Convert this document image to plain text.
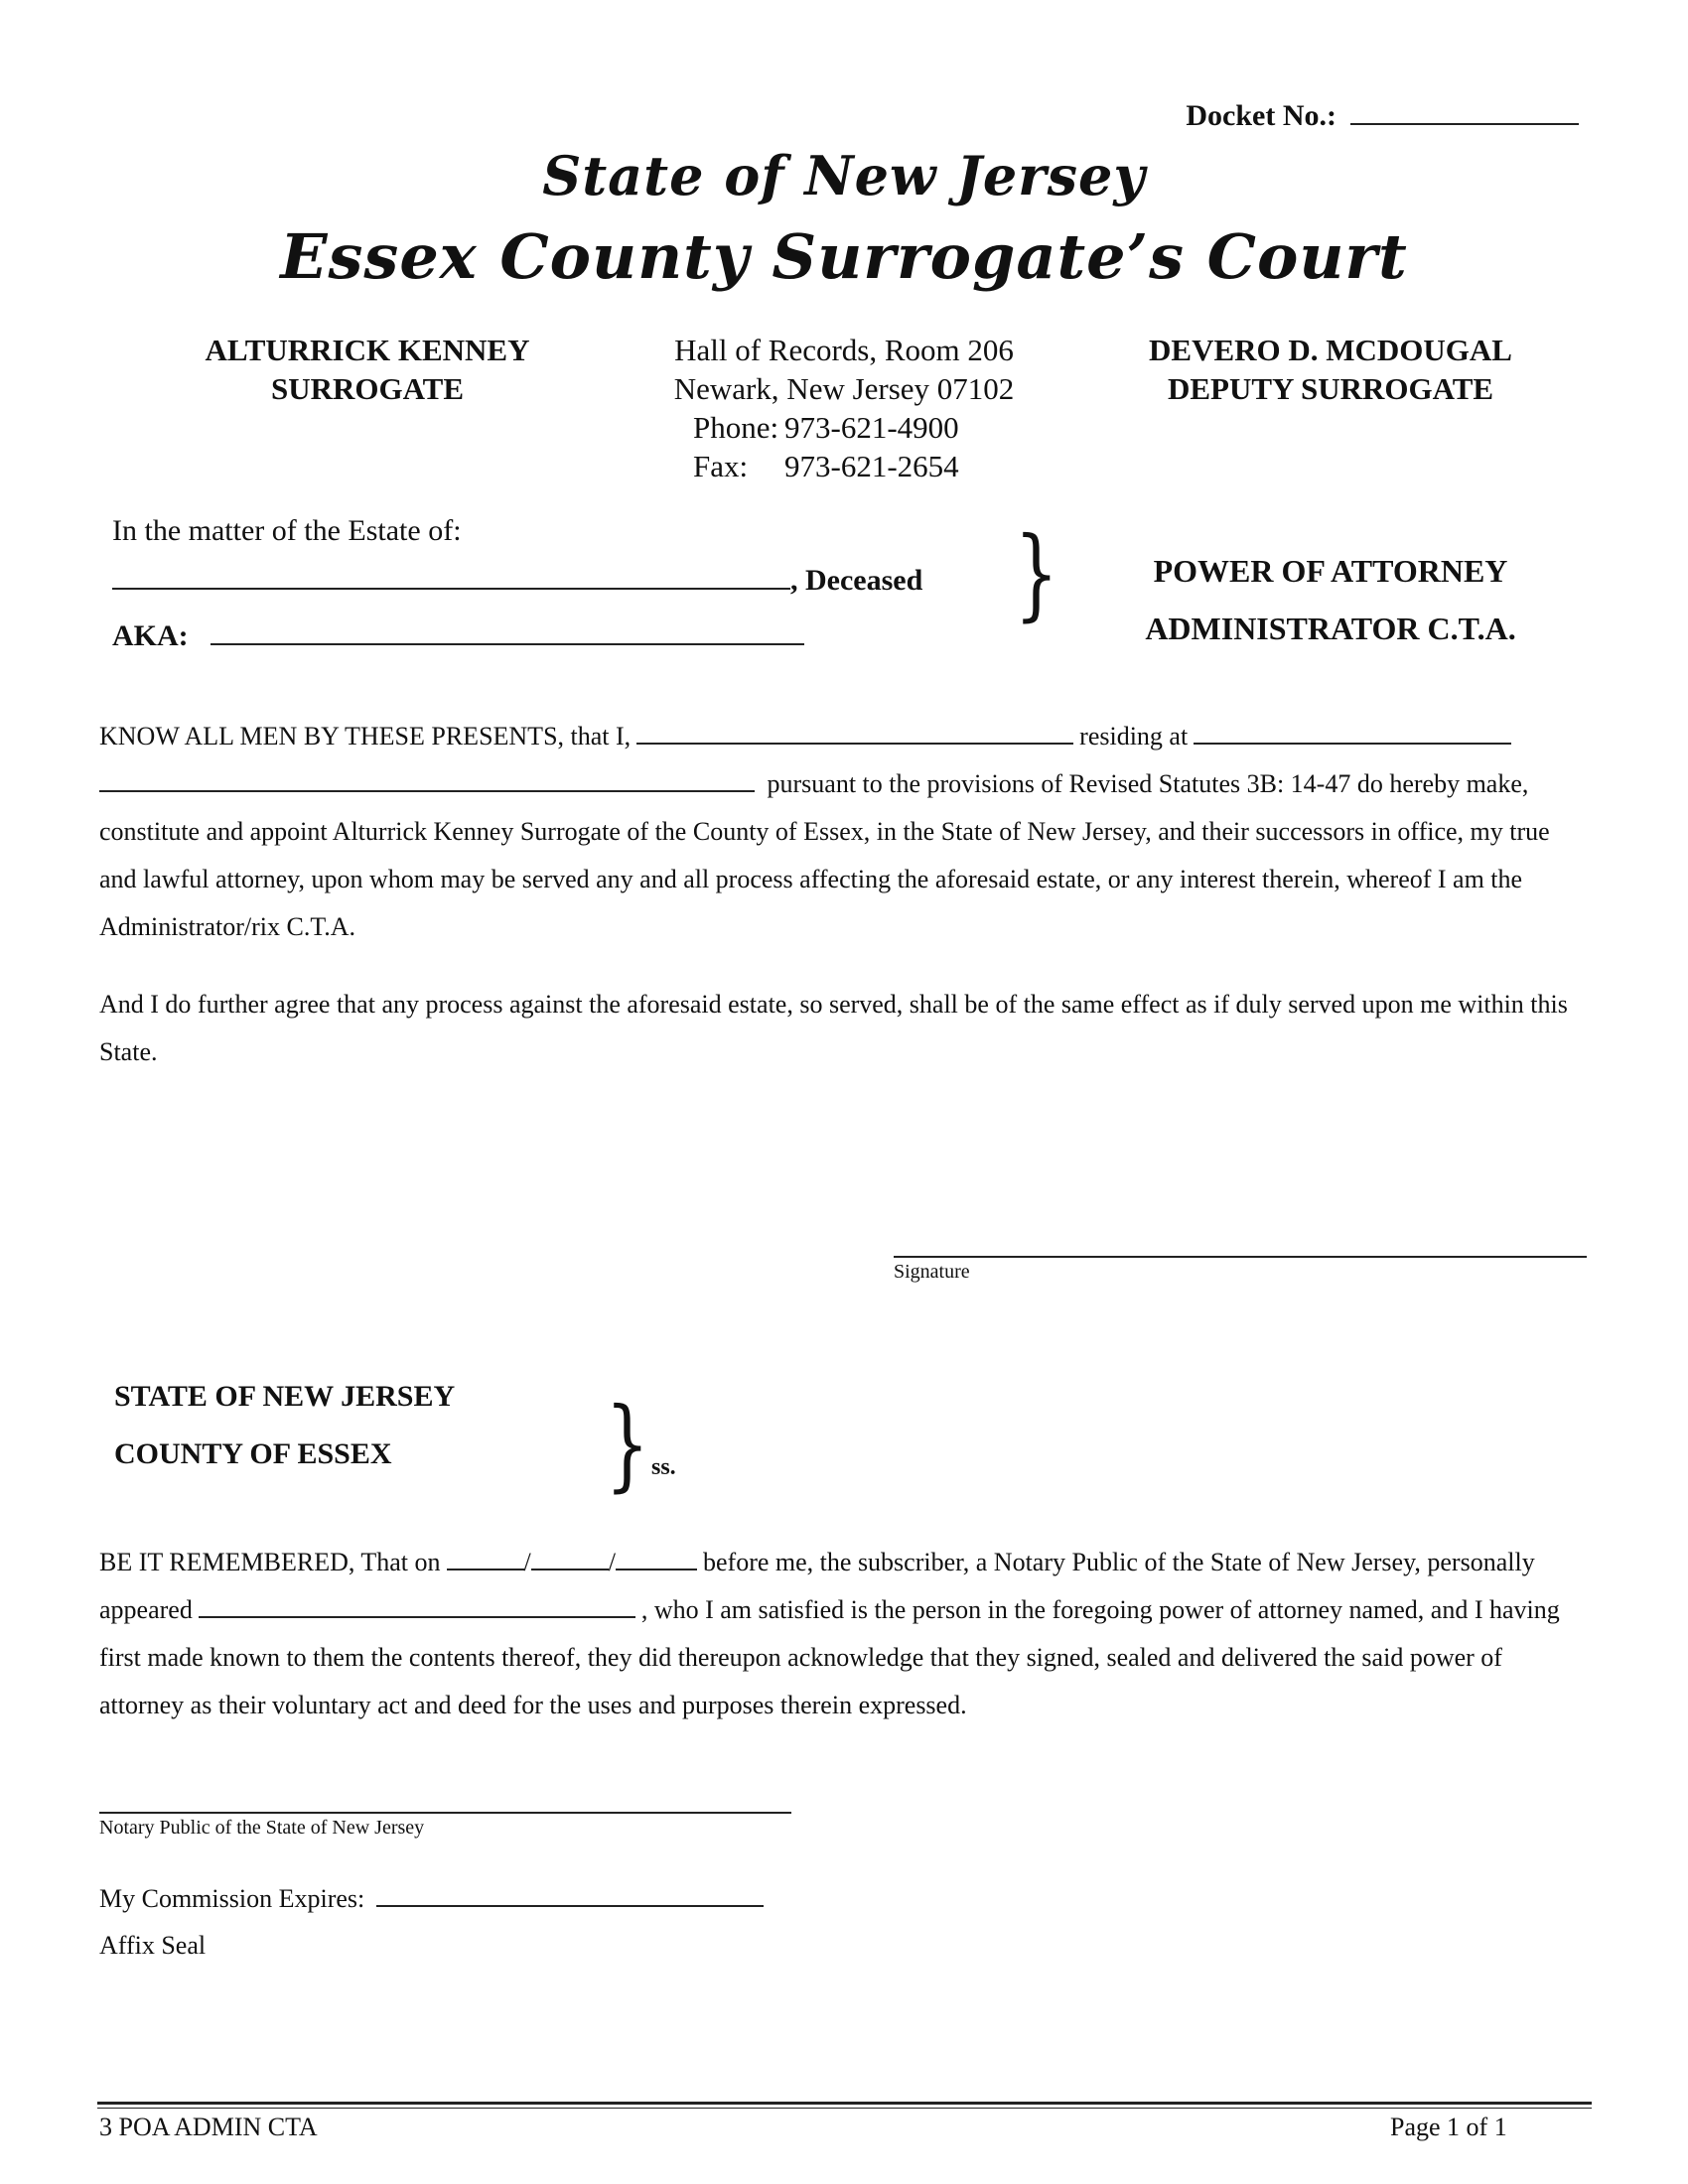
Docket No.:
State of New Jersey
Essex County Surrogate’s Court
ALTURRICK KENNEY
SURROGATE
Hall of Records, Room 206
Newark, New Jersey 07102
Phone: 973-621-4900
Fax: 973-621-2654
DEVERO D. MCDOUGAL
DEPUTY SURROGATE
In the matter of the Estate of:
, Deceased
AKA:
}	POWER OF ATTORNEY
ADMINISTRATOR C.T.A.
KNOW ALL MEN BY THESE PRESENTS, that I,	residing at pursuant to the provisions of Revised Statutes 3B: 14-47 do hereby make, constitute and appoint Alturrick Kenney Surrogate of the County of Essex, in the State of New Jersey, and their successors in office, my true and lawful attorney, upon whom may be served any and all process affecting the aforesaid estate, or any interest therein, whereof I am the Administrator/rix C.T.A.
And I do further agree that any process against the aforesaid estate, so served, shall be of the same effect as if duly served upon me within this State.
Signature
STATE OF NEW JERSEY
COUNTY OF ESSEX } ss.
BE IT REMEMBERED, That on	/	/	before me, the subscriber, a Notary Public of the State of New Jersey, personally appeared	, who I am satisfied is the person in the foregoing power of attorney named, and I having first made known to them the contents thereof, they did thereupon acknowledge that they signed, sealed and delivered the said power of attorney as their voluntary act and deed for the uses and purposes therein expressed.
Notary Public of the State of New Jersey
My Commission Expires:
Affix Seal
3 POA ADMIN CTA	Page 1 of 1
